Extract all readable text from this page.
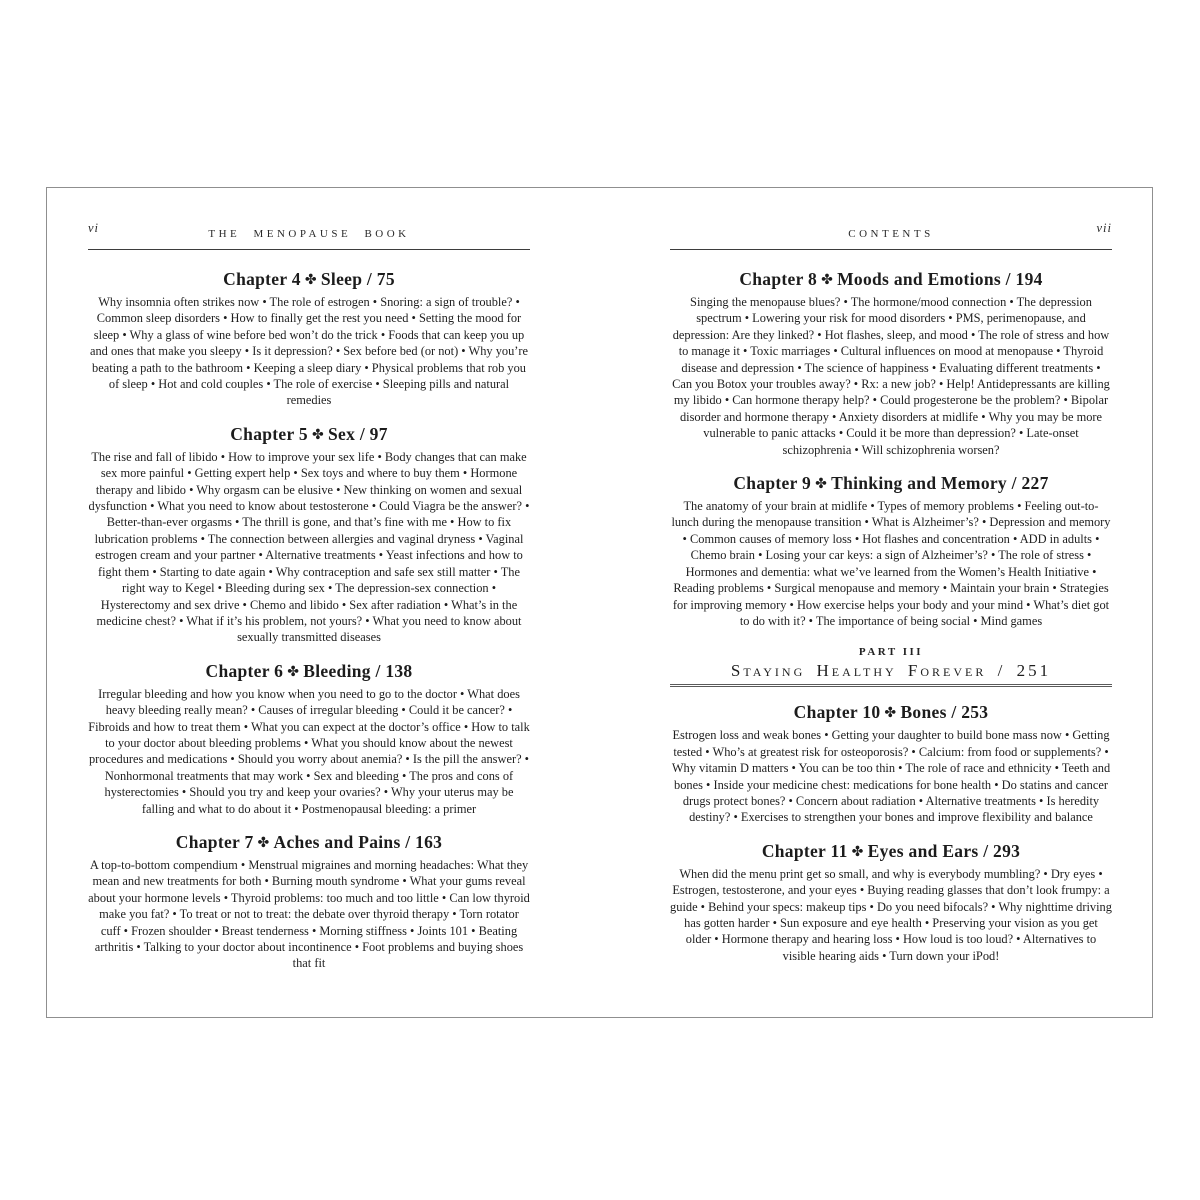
vi	THE MENOPAUSE BOOK
Chapter 4 ✤ Sleep / 75
Why insomnia often strikes now • The role of estrogen • Snoring: a sign of trouble? • Common sleep disorders • How to finally get the rest you need • Setting the mood for sleep • Why a glass of wine before bed won’t do the trick • Foods that can keep you up and ones that make you sleepy • Is it depression? • Sex before bed (or not) • Why you’re beating a path to the bathroom • Keeping a sleep diary • Physical problems that rob you of sleep • Hot and cold couples • The role of exercise • Sleeping pills and natural remedies
Chapter 5 ✤ Sex / 97
The rise and fall of libido • How to improve your sex life • Body changes that can make sex more painful • Getting expert help • Sex toys and where to buy them • Hormone therapy and libido • Why orgasm can be elusive • New thinking on women and sexual dysfunction • What you need to know about testosterone • Could Viagra be the answer? • Better-than-ever orgasms • The thrill is gone, and that’s fine with me • How to fix lubrication problems • The connection between allergies and vaginal dryness • Vaginal estrogen cream and your partner • Alternative treatments • Yeast infections and how to fight them • Starting to date again • Why contraception and safe sex still matter • The right way to Kegel • Bleeding during sex • The depression-sex connection • Hysterectomy and sex drive • Chemo and libido • Sex after radiation • What’s in the medicine chest? • What if it’s his problem, not yours? • What you need to know about sexually transmitted diseases
Chapter 6 ✤ Bleeding / 138
Irregular bleeding and how you know when you need to go to the doctor • What does heavy bleeding really mean? • Causes of irregular bleeding • Could it be cancer? • Fibroids and how to treat them • What you can expect at the doctor’s office • How to talk to your doctor about bleeding problems • What you should know about the newest procedures and medications • Should you worry about anemia? • Is the pill the answer? • Nonhormonal treatments that may work • Sex and bleeding • The pros and cons of hysterectomies • Should you try and keep your ovaries? • Why your uterus may be falling and what to do about it • Postmenopausal bleeding: a primer
Chapter 7 ✤ Aches and Pains / 163
A top-to-bottom compendium • Menstrual migraines and morning headaches: What they mean and new treatments for both • Burning mouth syndrome • What your gums reveal about your hormone levels • Thyroid problems: too much and too little • Can low thyroid make you fat? • To treat or not to treat: the debate over thyroid therapy • Torn rotator cuff • Frozen shoulder • Breast tenderness • Morning stiffness • Joints 101 • Beating arthritis • Talking to your doctor about incontinence • Foot problems and buying shoes that fit
CONTENTS	vii
Chapter 8 ✤ Moods and Emotions / 194
Singing the menopause blues? • The hormone/mood connection • The depression spectrum • Lowering your risk for mood disorders • PMS, perimenopause, and depression: Are they linked? • Hot flashes, sleep, and mood • The role of stress and how to manage it • Toxic marriages • Cultural influences on mood at menopause • Thyroid disease and depression • The science of happiness • Evaluating different treatments • Can you Botox your troubles away? • Rx: a new job? • Help! Antidepressants are killing my libido • Can hormone therapy help? • Could progesterone be the problem? • Bipolar disorder and hormone therapy • Anxiety disorders at midlife • Why you may be more vulnerable to panic attacks • Could it be more than depression? • Late-onset schizophrenia • Will schizophrenia worsen?
Chapter 9 ✤ Thinking and Memory / 227
The anatomy of your brain at midlife • Types of memory problems • Feeling out-to-lunch during the menopause transition • What is Alzheimer’s? • Depression and memory • Common causes of memory loss • Hot flashes and concentration • ADD in adults • Chemo brain • Losing your car keys: a sign of Alzheimer’s? • The role of stress • Hormones and dementia: what we’ve learned from the Women’s Health Initiative • Reading problems • Surgical menopause and memory • Maintain your brain • Strategies for improving memory • How exercise helps your body and your mind • What’s diet got to do with it? • The importance of being social • Mind games
PART III
Staying Healthy Forever / 251
Chapter 10 ✤ Bones / 253
Estrogen loss and weak bones • Getting your daughter to build bone mass now • Getting tested • Who’s at greatest risk for osteoporosis? • Calcium: from food or supplements? • Why vitamin D matters • You can be too thin • The role of race and ethnicity • Teeth and bones • Inside your medicine chest: medications for bone health • Do statins and cancer drugs protect bones? • Concern about radiation • Alternative treatments • Is heredity destiny? • Exercises to strengthen your bones and improve flexibility and balance
Chapter 11 ✤ Eyes and Ears / 293
When did the menu print get so small, and why is everybody mumbling? • Dry eyes • Estrogen, testosterone, and your eyes • Buying reading glasses that don’t look frumpy: a guide • Behind your specs: makeup tips • Do you need bifocals? • Why nighttime driving has gotten harder • Sun exposure and eye health • Preserving your vision as you get older • Hormone therapy and hearing loss • How loud is too loud? • Alternatives to visible hearing aids • Turn down your iPod!
